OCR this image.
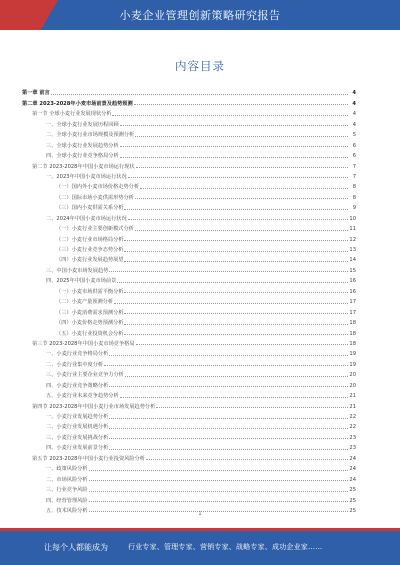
小麦企业管理创新策略研究报告
内容目录
第一章 前言	4
第二章 2023-2028年小麦市场前景及趋势预测	4
第一节 全球小麦行业发展现状分析	4
一、全球小麦行业发展历程回顾	4
二、全球小麦行业市场规模及预测分析	5
三、全球小麦行业发展趋势分析	6
四、全球小麦行业竞争格局分析	6
第二节 2023-2028年中国小麦市场运行现状	7
一、2023年中国小麦市场运行状况	7
（一）国内外小麦市场价格走势分析	8
（二）国际市场小麦供需形势分析	8
（三）国内小麦供需关系分析	9
二、2024年中国小麦市场运行状况	10
（一）小麦行业主要创新模式分析	11
（二）小麦行业市场格局分析	12
（三）小麦行业竞争态势分析	13
（四）小麦行业发展趋势展望	14
三、中国小麦市场发展趋势	15
四、2025年中国小麦市场前景	16
（一）小麦市场供需平衡分析	16
（二）小麦产量预测分析	17
（三）小麦消费需求预测分析	17
（四）小麦价格走势预测分析	18
（五）小麦行业投资机会分析	18
第三节 2023-2028年中国小麦市场竞争格局	18
一、小麦行业竞争格局分析	19
二、小麦行业集中度分析	19
三、小麦行业主要企业竞争力分析	20
四、小麦行业竞争策略分析	20
五、小麦行业未来竞争趋势分析	21
第四节 2023-2028年中国小麦行业市场发展趋势分析	21
一、小麦行业发展趋势分析	22
二、小麦行业发展机遇分析	22
三、小麦行业发展挑战分析	23
四、小麦行业发展前景分析	23
第五节 2023-2028年中国小麦行业投资风险分析	24
一、政策风险分析	24
二、市场风险分析	24
三、行业竞争风险	25
四、经营管理风险	25
五、技术风险分析	25
1
让每个人都能成为	行业专家、管理专家、营销专家、战略专家、成功企业家……
